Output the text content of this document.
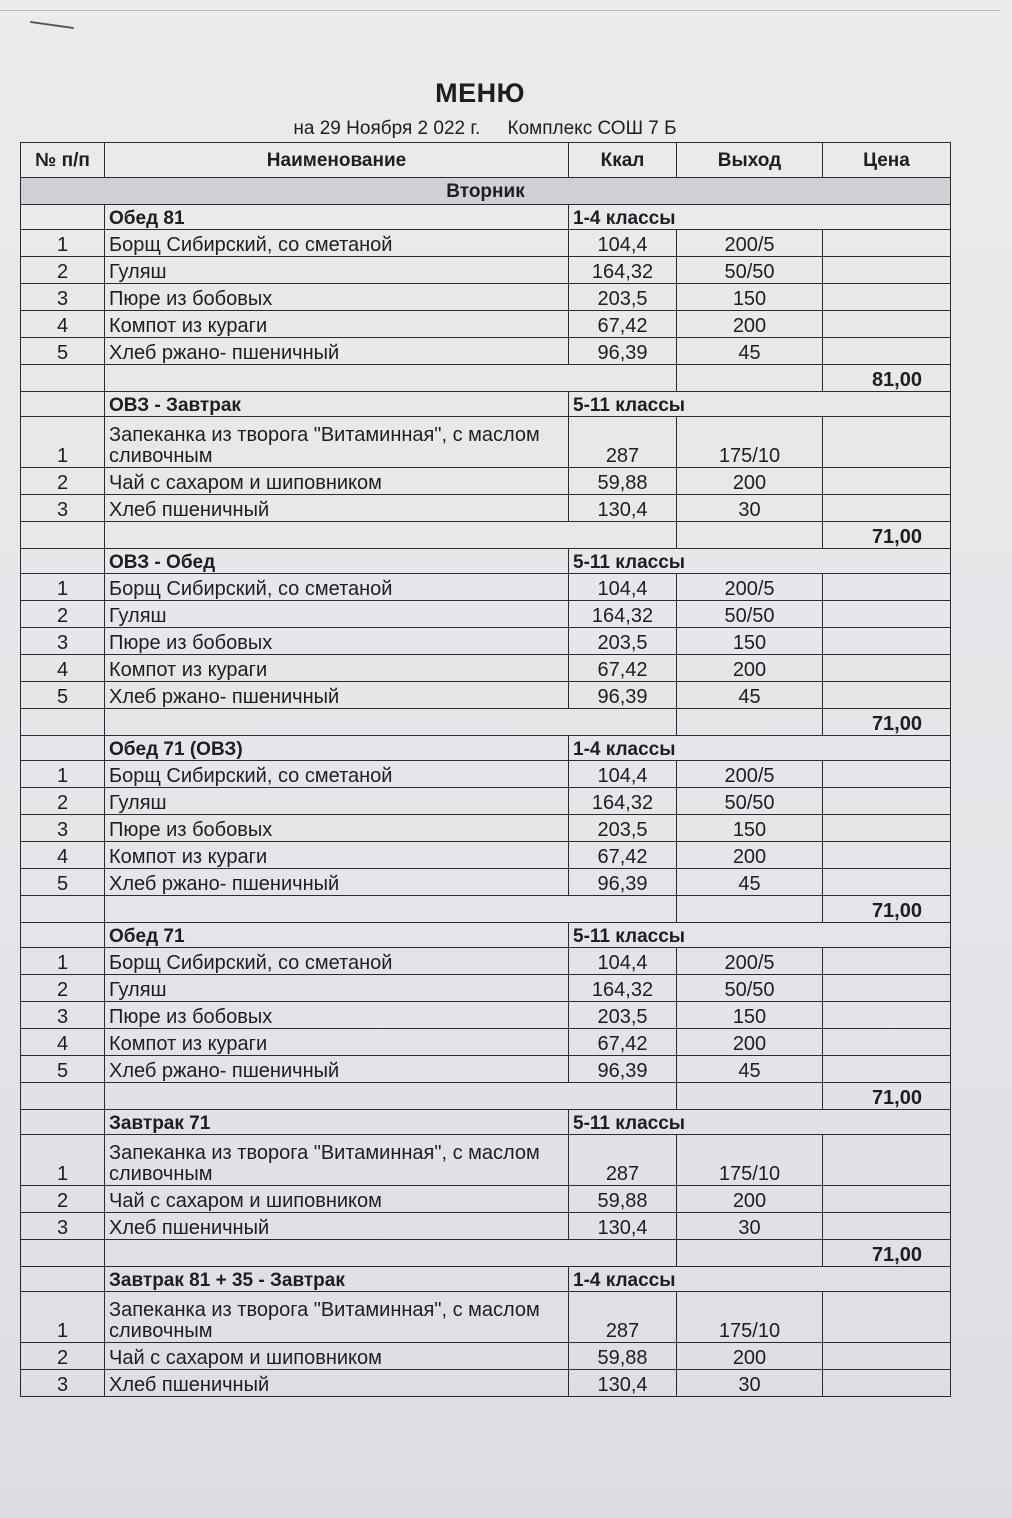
МЕНЮ
на 29 Ноября 2 022 г. Комплекс СОШ 7 Б
№ п/п	Наименование	Ккал	Выход	Цена
Вторник				
	Обед 81	1-4 классы		
1	Борщ Сибирский, со сметаной	104,4	200/5	
2	Гуляш	164,32	50/50	
3	Пюре из бобовых	203,5	150	
4	Компот из кураги	67,42	200	
5	Хлеб ржано- пшеничный	96,39	45	
				81,00
	ОВЗ - Завтрак	5-11 классы		
1	Запеканка из творога "Витаминная", с маслом сливочным	287	175/10	
2	Чай с сахаром и шиповником	59,88	200	
3	Хлеб пшеничный	130,4	30	
				71,00
	ОВЗ - Обед	5-11 классы		
1	Борщ Сибирский, со сметаной	104,4	200/5	
2	Гуляш	164,32	50/50	
3	Пюре из бобовых	203,5	150	
4	Компот из кураги	67,42	200	
5	Хлеб ржано- пшеничный	96,39	45	
				71,00
	Обед 71 (ОВЗ)	1-4 классы		
1	Борщ Сибирский, со сметаной	104,4	200/5	
2	Гуляш	164,32	50/50	
3	Пюре из бобовых	203,5	150	
4	Компот из кураги	67,42	200	
5	Хлеб ржано- пшеничный	96,39	45	
				71,00
	Обед 71	5-11 классы		
1	Борщ Сибирский, со сметаной	104,4	200/5	
2	Гуляш	164,32	50/50	
3	Пюре из бобовых	203,5	150	
4	Компот из кураги	67,42	200	
5	Хлеб ржано- пшеничный	96,39	45	
				71,00
	Завтрак 71	5-11 классы		
1	Запеканка из творога "Витаминная", с маслом сливочным	287	175/10	
2	Чай с сахаром и шиповником	59,88	200	
3	Хлеб пшеничный	130,4	30	
				71,00
	Завтрак 81 + 35 - Завтрак	1-4 классы		
1	Запеканка из творога "Витаминная", с маслом сливочным	287	175/10	
2	Чай с сахаром и шиповником	59,88	200	
3	Хлеб пшеничный	130,4	30	
